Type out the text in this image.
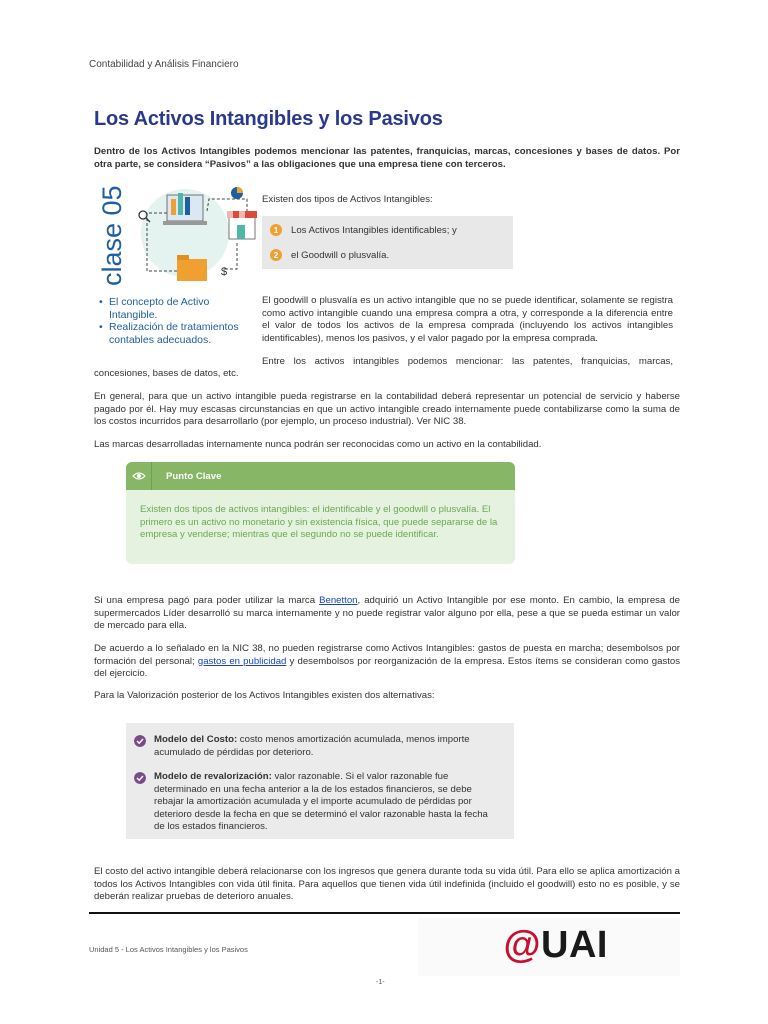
Contabilidad y Análisis Financiero
Los Activos Intangibles y los Pasivos
Dentro de los Activos Intangibles podemos mencionar las patentes, franquicias, marcas, concesiones y bases de datos. Por otra parte, se considera “Pasivos” a las obligaciones que una empresa tiene con terceros.
clase 05	$
• El concepto de Activo Intangible.
• Realización de tratamientos contables adecuados.
Existen dos tipos de Activos Intangibles:
1	Los Activos Intangibles identificables; y
2	el Goodwill o plusvalía.
El goodwill o plusvalía es un activo intangible que no se puede identificar, solamente se registra como activo intangible cuando una empresa compra a otra, y corresponde a la diferencia entre el valor de todos los activos de la empresa comprada (incluyendo los activos intangibles identificables), menos los pasivos, y el valor pagado por la empresa comprada.
Entre los activos intangibles podemos mencionar: las patentes, franquicias, marcas,
concesiones, bases de datos, etc.
En general, para que un activo intangible pueda registrarse en la contabilidad deberá representar un potencial de servicio y haberse pagado por él. Hay muy escasas circunstancias en que un activo intangible creado internamente puede contabilizarse como la suma de los costos incurridos para desarrollarlo (por ejemplo, un proceso industrial). Ver NIC 38.
Las marcas desarrolladas internamente nunca podrán ser reconocidas como un activo en la contabilidad.
Punto Clave
Existen dos tipos de activos intangibles: el identificable y el goodwill o plusvalía. El primero es un activo no monetario y sin existencia física, que puede separarse de la empresa y venderse; mientras que el segundo no se puede identificar.
Si una empresa pagó para poder utilizar la marca Benetton, adquirió un Activo Intangible por ese monto. En cambio, la empresa de supermercados Líder desarrolló su marca internamente y no puede registrar valor alguno por ella, pese a que se pueda estimar un valor de mercado para ella.
De acuerdo a lo señalado en la NIC 38, no pueden registrarse como Activos Intangibles: gastos de puesta en marcha; desembolsos por formación del personal; gastos en publicidad y desembolsos por reorganización de la empresa. Estos ítems se consideran como gastos del ejercicio.
Para la Valorización posterior de los Activos Intangibles existen dos alternativas:
Modelo del Costo: costo menos amortización acumulada, menos importe acumulado de pérdidas por deterioro.
Modelo de revalorización: valor razonable. Si el valor razonable fue determinado en una fecha anterior a la de los estados financieros, se debe rebajar la amortización acumulada y el importe acumulado de pérdidas por deterioro desde la fecha en que se determinó el valor razonable hasta la fecha de los estados financieros.
El costo del activo intangible deberá relacionarse con los ingresos que genera durante toda su vida útil. Para ello se aplica amortización a todos los Activos Intangibles con vida útil finita. Para aquellos que tienen vida útil indefinida (incluido el goodwill) esto no es posible, y se deberán realizar pruebas de deterioro anuales.
Unidad 5 - Los Activos Intangibles y los Pasivos	@UAI
-1-
